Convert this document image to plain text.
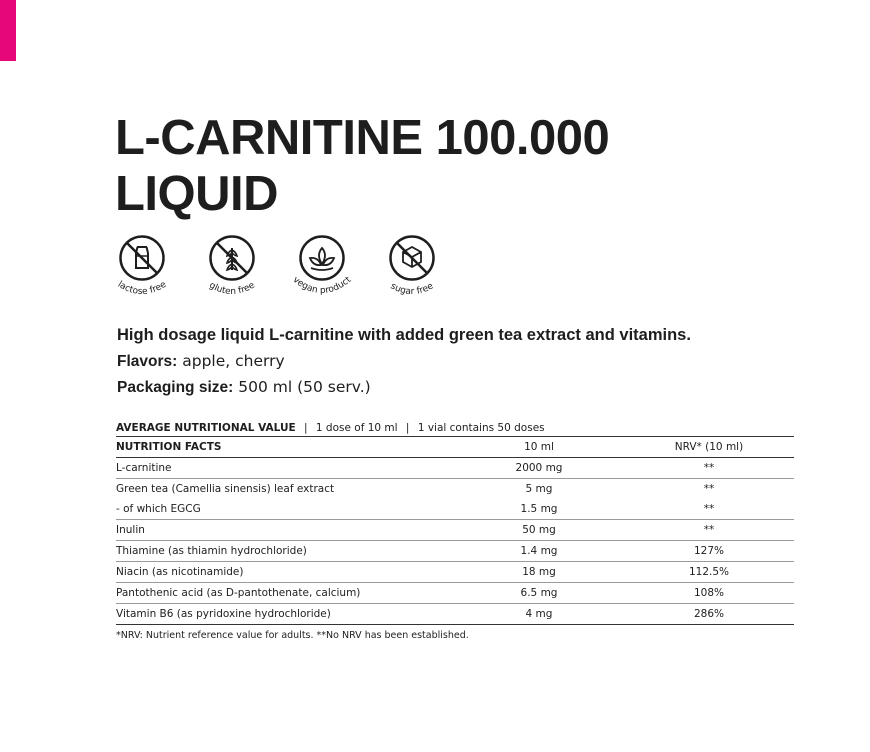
L-CARNITINE 100.000
LIQUID
lactose free	gluten free	vegan product
sugar free

High dosage liquid L-carnitine with added green tea extract and vitamins.

Flavors: apple, cherry

Packaging size: 500 ml (50 serv.)

AVERAGE NUTRITIONAL VALUE | 1 dose of 10 ml | 1 vial contains 50 doses
NUTRITION FACTS	10 ml	NRV* (10 ml)
L-carnitine	2000 mg	**
Green tea (Camellia sinensis) leaf extract	5 mg	**
- of which EGCG	1.5 mg	**
Inulin	50 mg	**
Thiamine (as thiamin hydrochloride)	1.4 mg	127%
Niacin (as nicotinamide)	18 mg	112.5%
Pantothenic acid (as D-pantothenate, calcium)	6.5 mg	108%
Vitamin B6 (as pyridoxine hydrochloride)	4 mg	286%
*NRV: Nutrient reference value for adults. **No NRV has been established.
